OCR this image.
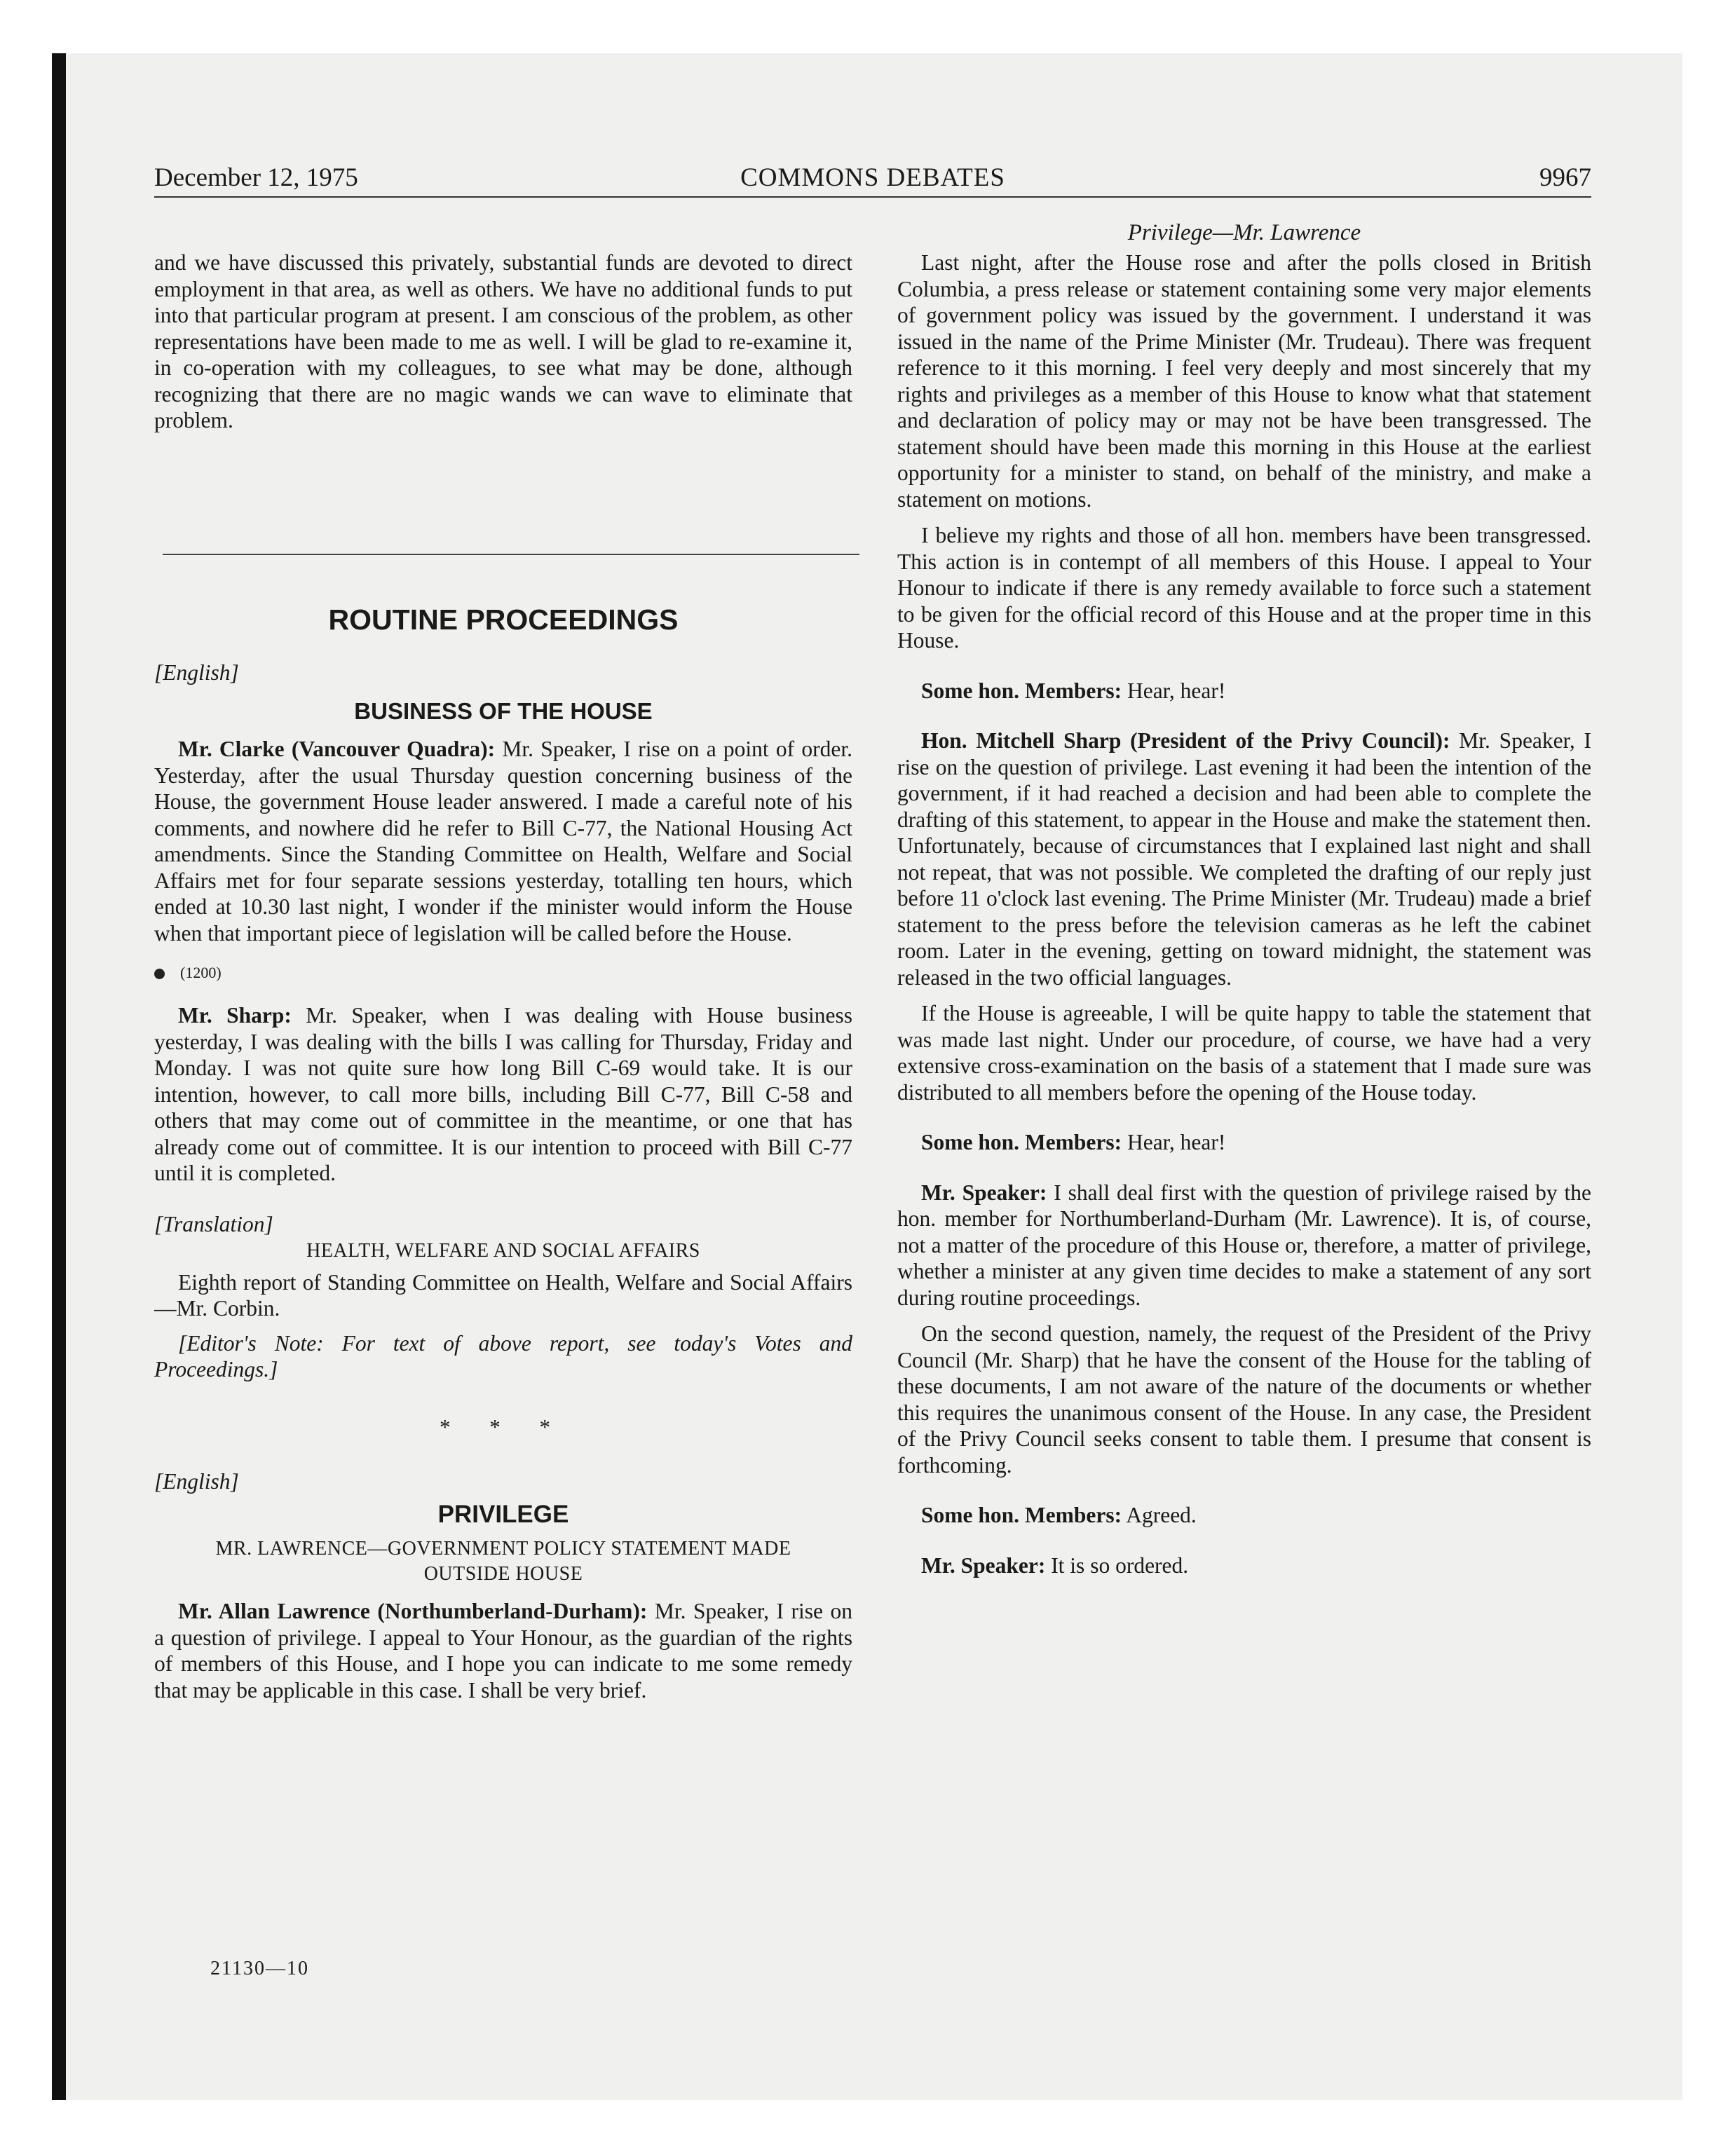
December 12, 1975	COMMONS DEBATES	9967

and we have discussed this privately, substantial funds are devoted to direct employment in that area, as well as others. We have no additional funds to put into that particular program at present. I am conscious of the problem, as other representations have been made to me as well. I will be glad to re-examine it, in co-operation with my colleagues, to see what may be done, although recognizing that there are no magic wands we can wave to eliminate that problem.

ROUTINE PROCEEDINGS
[English]
BUSINESS OF THE HOUSE

Mr. Clarke (Vancouver Quadra): Mr. Speaker, I rise on a point of order. Yesterday, after the usual Thursday question concerning business of the House, the government House leader answered. I made a careful note of his comments, and nowhere did he refer to Bill C-77, the National Housing Act amendments. Since the Standing Committee on Health, Welfare and Social Affairs met for four separate sessions yesterday, totalling ten hours, which ended at 10.30 last night, I wonder if the minister would inform the House when that important piece of legislation will be called before the House.

(1200)

Mr. Sharp: Mr. Speaker, when I was dealing with House business yesterday, I was dealing with the bills I was calling for Thursday, Friday and Monday. I was not quite sure how long Bill C-69 would take. It is our intention, however, to call more bills, including Bill C-77, Bill C-58 and others that may come out of committee in the meantime, or one that has already come out of committee. It is our intention to proceed with Bill C-77 until it is completed.

[Translation]
HEALTH, WELFARE AND SOCIAL AFFAIRS

Eighth report of Standing Committee on Health, Welfare and Social Affairs—Mr. Corbin.

[Editor's Note: For text of above report, see today's Votes and Proceedings.]

* * *
[English]
PRIVILEGE
MR. LAWRENCE—GOVERNMENT POLICY STATEMENT MADE OUTSIDE HOUSE

Mr. Allan Lawrence (Northumberland-Durham): Mr. Speaker, I rise on a question of privilege. I appeal to Your Honour, as the guardian of the rights of members of this House, and I hope you can indicate to me some remedy that may be applicable in this case. I shall be very brief.

Privilege—Mr. Lawrence

Last night, after the House rose and after the polls closed in British Columbia, a press release or statement containing some very major elements of government policy was issued by the government. I understand it was issued in the name of the Prime Minister (Mr. Trudeau). There was frequent reference to it this morning. I feel very deeply and most sincerely that my rights and privileges as a member of this House to know what that statement and declaration of policy may or may not be have been transgressed. The statement should have been made this morning in this House at the earliest opportunity for a minister to stand, on behalf of the ministry, and make a statement on motions.

I believe my rights and those of all hon. members have been transgressed. This action is in contempt of all members of this House. I appeal to Your Honour to indicate if there is any remedy available to force such a statement to be given for the official record of this House and at the proper time in this House.

Some hon. Members: Hear, hear!

Hon. Mitchell Sharp (President of the Privy Council): Mr. Speaker, I rise on the question of privilege. Last evening it had been the intention of the government, if it had reached a decision and had been able to complete the drafting of this statement, to appear in the House and make the statement then. Unfortunately, because of circumstances that I explained last night and shall not repeat, that was not possible. We completed the drafting of our reply just before 11 o'clock last evening. The Prime Minister (Mr. Trudeau) made a brief statement to the press before the television cameras as he left the cabinet room. Later in the evening, getting on toward midnight, the statement was released in the two official languages.

If the House is agreeable, I will be quite happy to table the statement that was made last night. Under our procedure, of course, we have had a very extensive cross-examination on the basis of a statement that I made sure was distributed to all members before the opening of the House today.

Some hon. Members: Hear, hear!

Mr. Speaker: I shall deal first with the question of privilege raised by the hon. member for Northumberland-Durham (Mr. Lawrence). It is, of course, not a matter of the procedure of this House or, therefore, a matter of privilege, whether a minister at any given time decides to make a statement of any sort during routine proceedings.

On the second question, namely, the request of the President of the Privy Council (Mr. Sharp) that he have the consent of the House for the tabling of these documents, I am not aware of the nature of the documents or whether this requires the unanimous consent of the House. In any case, the President of the Privy Council seeks consent to table them. I presume that consent is forthcoming.

Some hon. Members: Agreed.

Mr. Speaker: It is so ordered.

21130—10
